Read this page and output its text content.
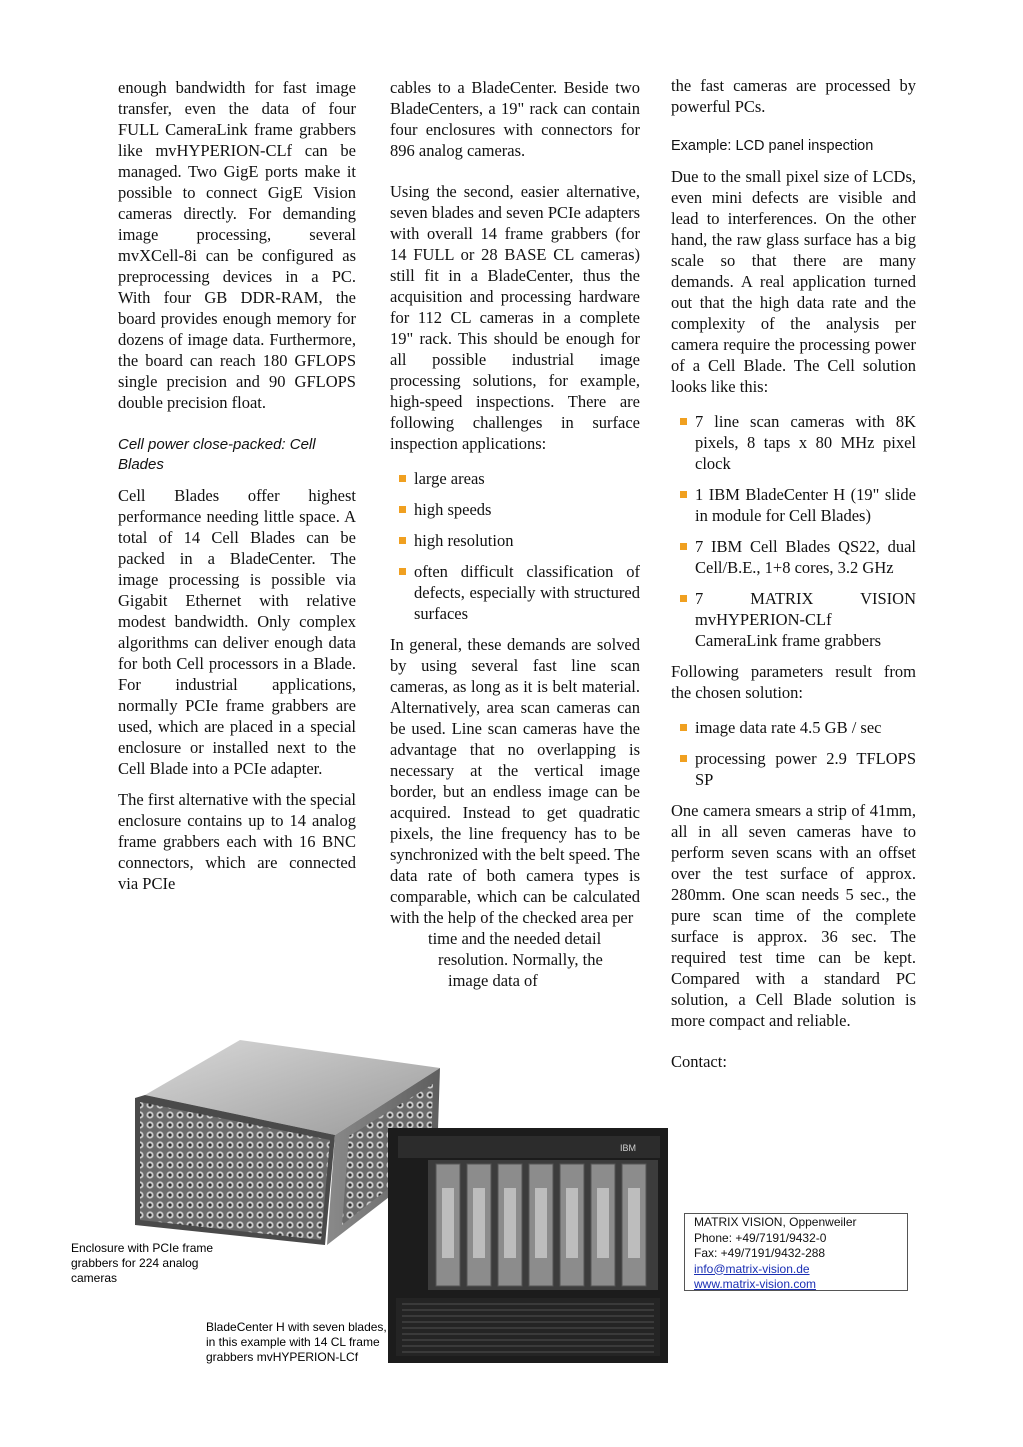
enough bandwidth for fast image transfer, even the data of four FULL CameraLink frame grabbers like mvHYPERION-CLf can be managed. Two GigE ports make it possible to connect GigE Vision cameras directly. For demanding image processing, several mvXCell-8i can be configured as preprocessing devices in a PC. With four GB DDR-RAM, the board provides enough memory for dozens of image data. Furthermore, the board can reach 180 GFLOPS single precision and 90 GFLOPS double precision float.

Cell power close-packed: Cell Blades

Cell Blades offer highest performance needing little space. A total of 14 Cell Blades can be packed in a BladeCenter. The image processing is possible via Gigabit Ethernet with relative modest bandwidth. Only complex algorithms can deliver enough data for both Cell processors in a Blade. For industrial applications, normally PCIe frame grabbers are used, which are placed in a special enclosure or installed next to the Cell Blade into a PCIe adapter.

The first alternative with the special enclosure contains up to 14 analog frame grabbers each with 16 BNC connectors, which are connected via PCIe

cables to a BladeCenter. Beside two BladeCenters, a 19" rack can contain four enclosures with connectors for 896 analog cameras.

Using the second, easier alternative, seven blades and seven PCIe adapters with overall 14 frame grabbers (for 14 FULL or 28 BASE CL cameras) still fit in a BladeCenter, thus the acquisition and processing hardware for 112 CL cameras in a complete 19" rack. This should be enough for all possible industrial image processing solutions, for example, high-speed inspections. There are following challenges in surface inspection applications:

large areas
high speeds
high resolution
often difficult classification of defects, especially with structured surfaces

In general, these demands are solved by using several fast line scan cameras, as long as it is belt material. Alternatively, area scan cameras can be used. Line scan cameras have the advantage that no overlapping is necessary at the vertical image border, but an endless image can be acquired. Instead to get quadratic pixels, the line frequency has to be synchronized with the belt speed. The data rate of both camera types is comparable, which can be calculated with the help of the checked area per

time and the needed detail
resolution. Normally, the
image data of

the fast cameras are processed by powerful PCs.

Example: LCD panel inspection

Due to the small pixel size of LCDs, even mini defects are visible and lead to interferences. On the other hand, the raw glass surface has a big scale so that there are many demands. A real application turned out that the high data rate and the complexity of the analysis per camera require the processing power of a Cell Blade. The Cell solution looks like this:

7 line scan cameras with 8K pixels, 8 taps x 80 MHz pixel clock
1 IBM BladeCenter H (19" slide in module for Cell Blades)
7 IBM Cell Blades QS22, dual Cell/B.E., 1+8 cores, 3.2 GHz
7 MATRIX VISION mvHYPERION-CLf CameraLink frame grabbers

Following parameters result from the chosen solution:

image data rate 4.5 GB / sec
processing power 2.9 TFLOPS SP

One camera smears a strip of 41mm, all in all seven cameras have to perform seven scans with an offset over the test surface of approx. 280mm. One scan needs 5 sec., the pure scan time of the complete surface is approx. 36 sec. The required test time can be kept. Compared with a standard PC solution, a Cell Blade solution is more compact and reliable.

Contact:
MATRIX VISION, Oppenweiler
Phone: +49/7191/9432-0
Fax: +49/7191/9432-288
info@matrix-vision.de
www.matrix-vision.com
IBM
Enclosure with PCIe frame grabbers for 224 analog cameras
BladeCenter H with seven blades, in this example with 14 CL frame grabbers mvHYPERION-LCf
